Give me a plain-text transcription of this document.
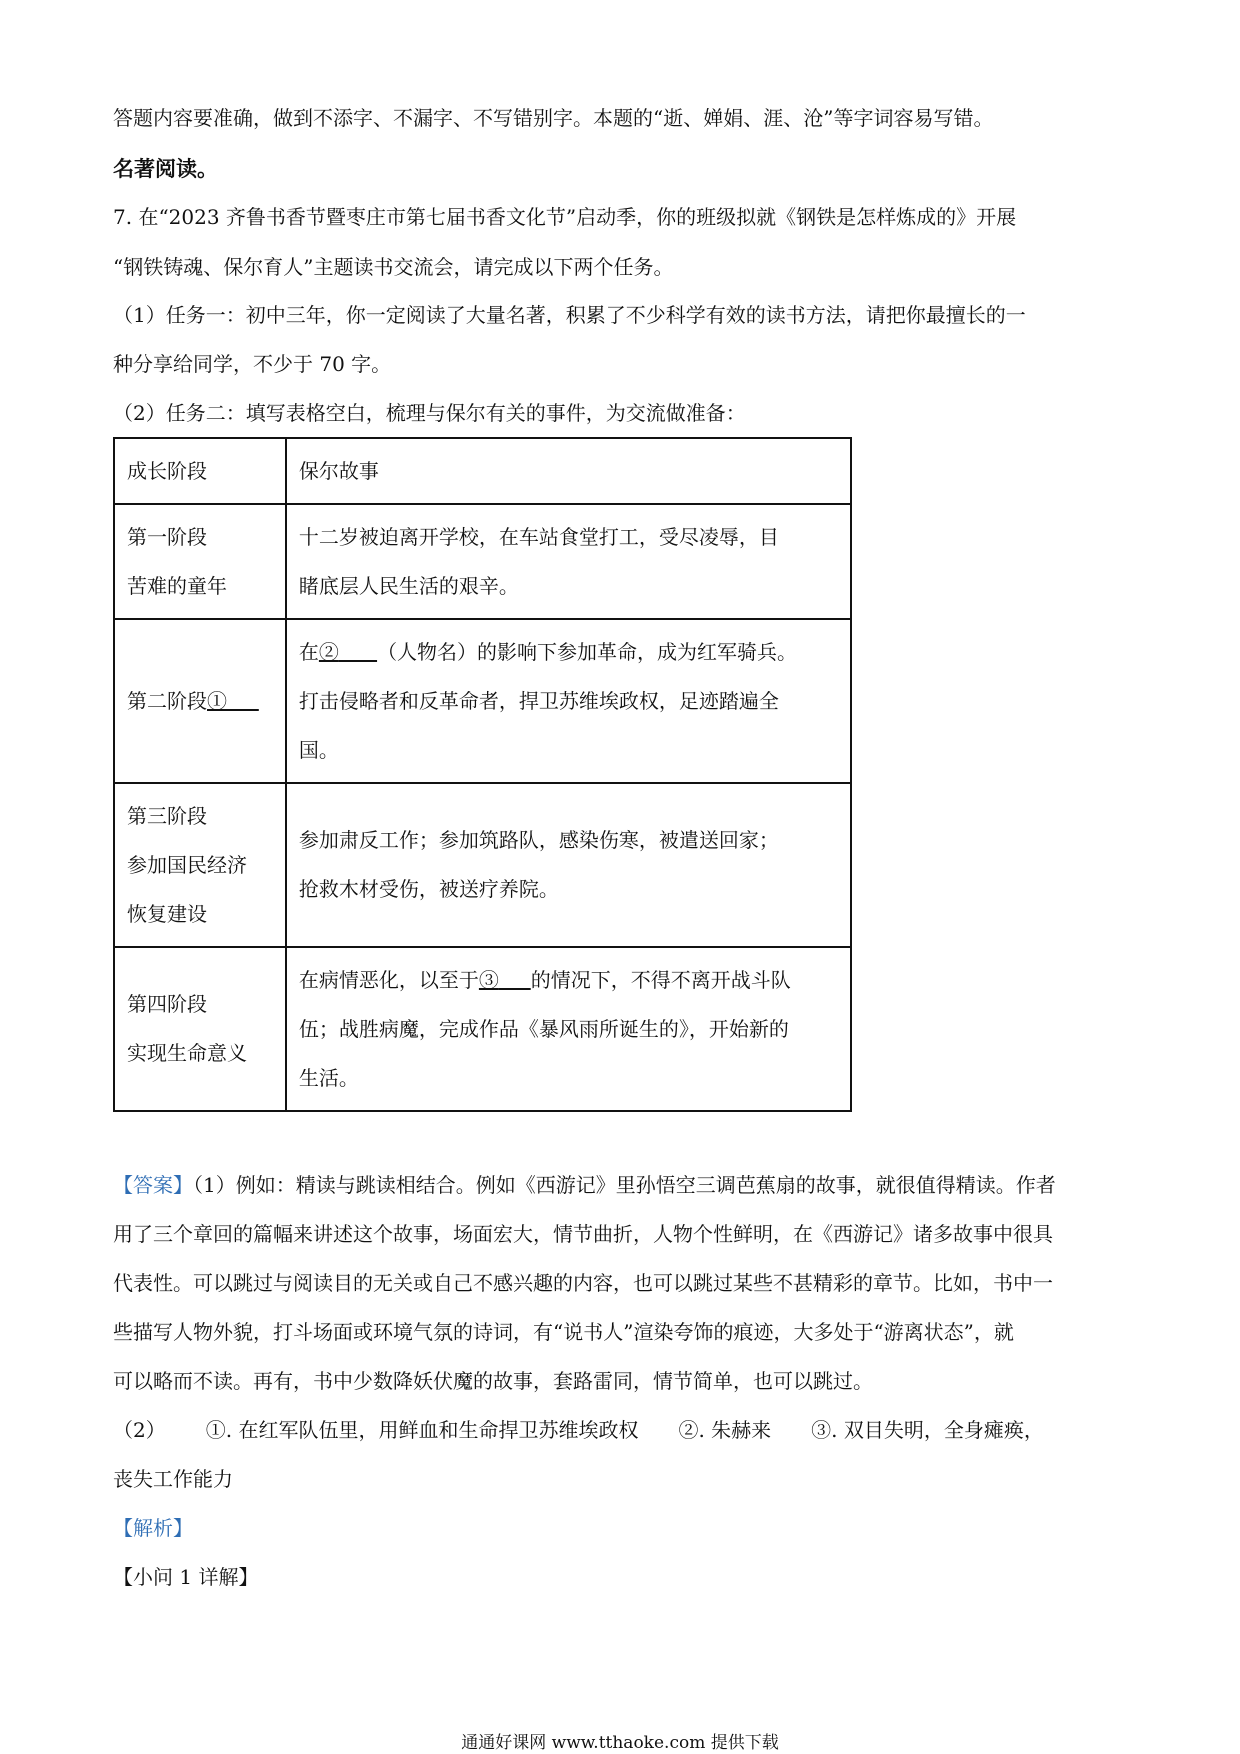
答题内容要准确，做到不添字、不漏字、不写错别字。本题的“逝、婵娟、涯、沧”等字词容易写错。
名著阅读。
7. 在“2023 齐鲁书香节暨枣庄市第七届书香文化节”启动季，你的班级拟就《钢铁是怎样炼成的》开展
“钢铁铸魂、保尔育人”主题读书交流会，请完成以下两个任务。
（1）任务一：初中三年，你一定阅读了大量名著，积累了不少科学有效的读书方法，请把你最擅长的一
种分享给同学，不少于 70 字。
（2）任务二：填写表格空白，梳理与保尔有关的事件，为交流做准备：
成长阶段	保尔故事

第一阶段
苦难的童年	十二岁被迫离开学校，在车站食堂打工，受尽凌辱，目
睹底层人民生活的艰辛。

第二阶段①	在② （人物名）的影响下参加革命，成为红军骑兵。
打击侵略者和反革命者，捍卫苏维埃政权，足迹踏遍全
国。

第三阶段
参加国民经济
恢复建设	参加肃反工作；参加筑路队，感染伤寒，被遣送回家；
抢救木材受伤，被送疗养院。

第四阶段
实现生命意义	在病情恶化，以至于③ 的情况下，不得不离开战斗队
伍；战胜病魔，完成作品《暴风雨所诞生的》，开始新的
生活。
【答案】（1）例如：精读与跳读相结合。例如《西游记》里孙悟空三调芭蕉扇的故事，就很值得精读。作者
用了三个章回的篇幅来讲述这个故事，场面宏大，情节曲折，人物个性鲜明，在《西游记》诸多故事中很具
代表性。可以跳过与阅读目的无关或自己不感兴趣的内容，也可以跳过某些不甚精彩的章节。比如，书中一
些描写人物外貌，打斗场面或环境气氛的诗词，有“说书人”渲染夸饰的痕迹，大多处于“游离状态”，就
可以略而不读。再有，书中少数降妖伏魔的故事，套路雷同，情节简单，也可以跳过。
（2） ①. 在红军队伍里，用鲜血和生命捍卫苏维埃政权 ②. 朱赫来 ③. 双目失明，全身瘫痪，
丧失工作能力
【解析】
【小问 1 详解】
通通好课网 www.tthaoke.com 提供下载
